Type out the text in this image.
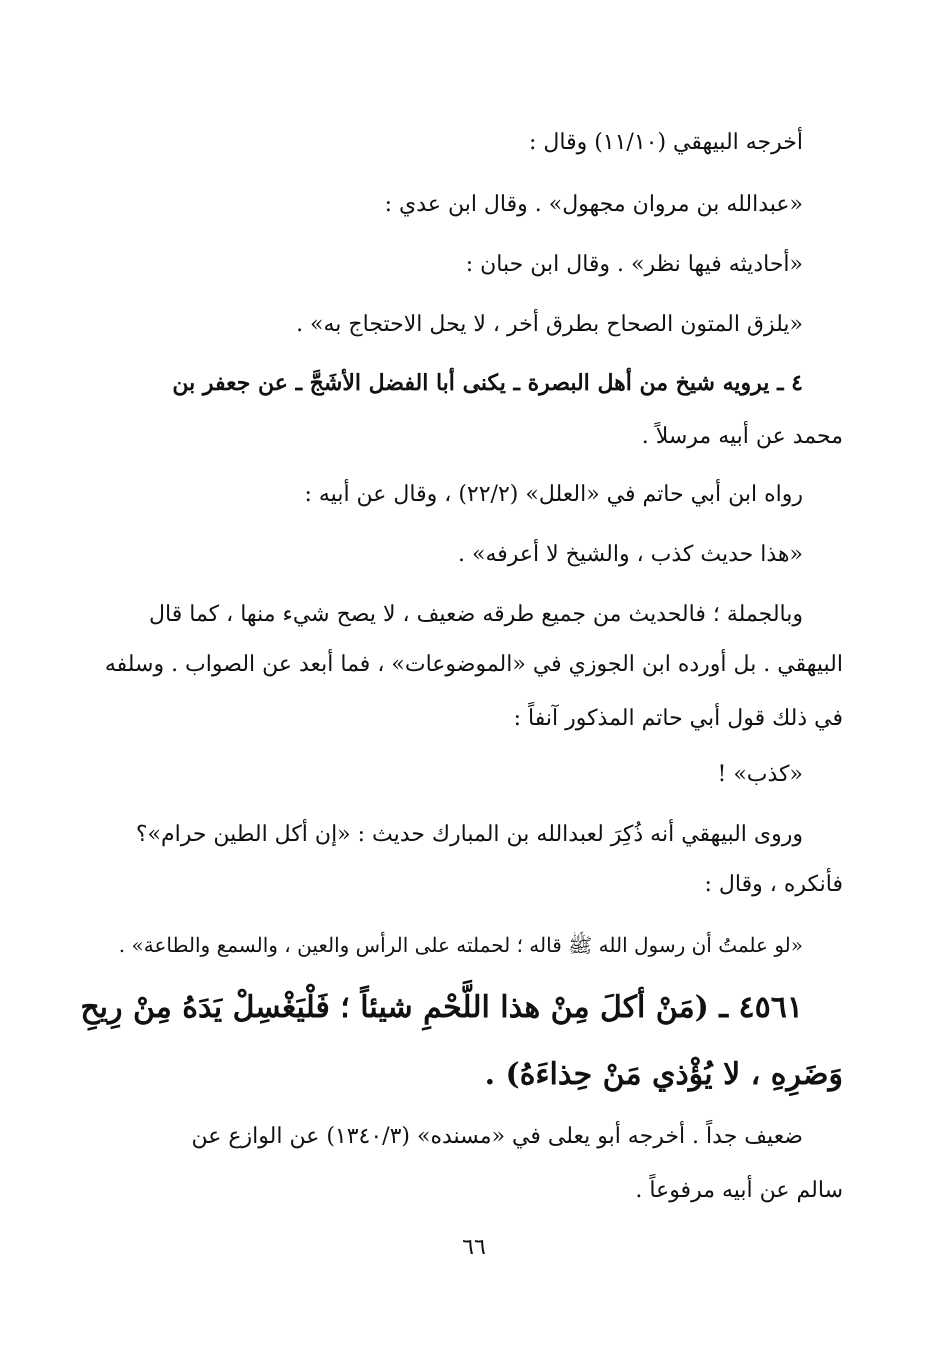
أخرجه البيهقي (١١/١٠) وقال :
«عبدالله بن مروان مجهول» . وقال ابن عدي :
«أحاديثه فيها نظر» . وقال ابن حبان :
«يلزق المتون الصحاح بطرق أخر ، لا يحل الاحتجاج به» .
٤ ـ يرويه شيخ من أهل البصرة ـ يكنى أبا الفضل الأشَجَّ ـ عن جعفر بن
محمد عن أبيه مرسلاً .
رواه ابن أبي حاتم في «العلل» (٢٢/٢) ، وقال عن أبيه :
«هذا حديث كذب ، والشيخ لا أعرفه» .
وبالجملة ؛ فالحديث من جميع طرقه ضعيف ، لا يصح شيء منها ، كما قال
البيهقي . بل أورده ابن الجوزي في «الموضوعات» ، فما أبعد عن الصواب . وسلفه
في ذلك قول أبي حاتم المذكور آنفاً :
«كذب» !
وروى البيهقي أنه ذُكِرَ لعبدالله بن المبارك حديث : «إن أكل الطين حرام»؟
فأنكره ، وقال :
«لو علمتُ أن رسول الله ﷺ قاله ؛ لحملته على الرأس والعين ، والسمع والطاعة» .
٤٥٦١ ـ (مَنْ أكلَ مِنْ هذا اللَّحْمِ شيئاً ؛ فَلْيَغْسِلْ يَدَهُ مِنْ رِيحِ
وَضَرِهِ ، لا يُؤْذي مَنْ حِذاءَهُ) .
ضعيف جداً . أخرجه أبو يعلى في «مسنده» (١٣٤٠/٣) عن الوازع عن
سالم عن أبيه مرفوعاً .
٦٦
